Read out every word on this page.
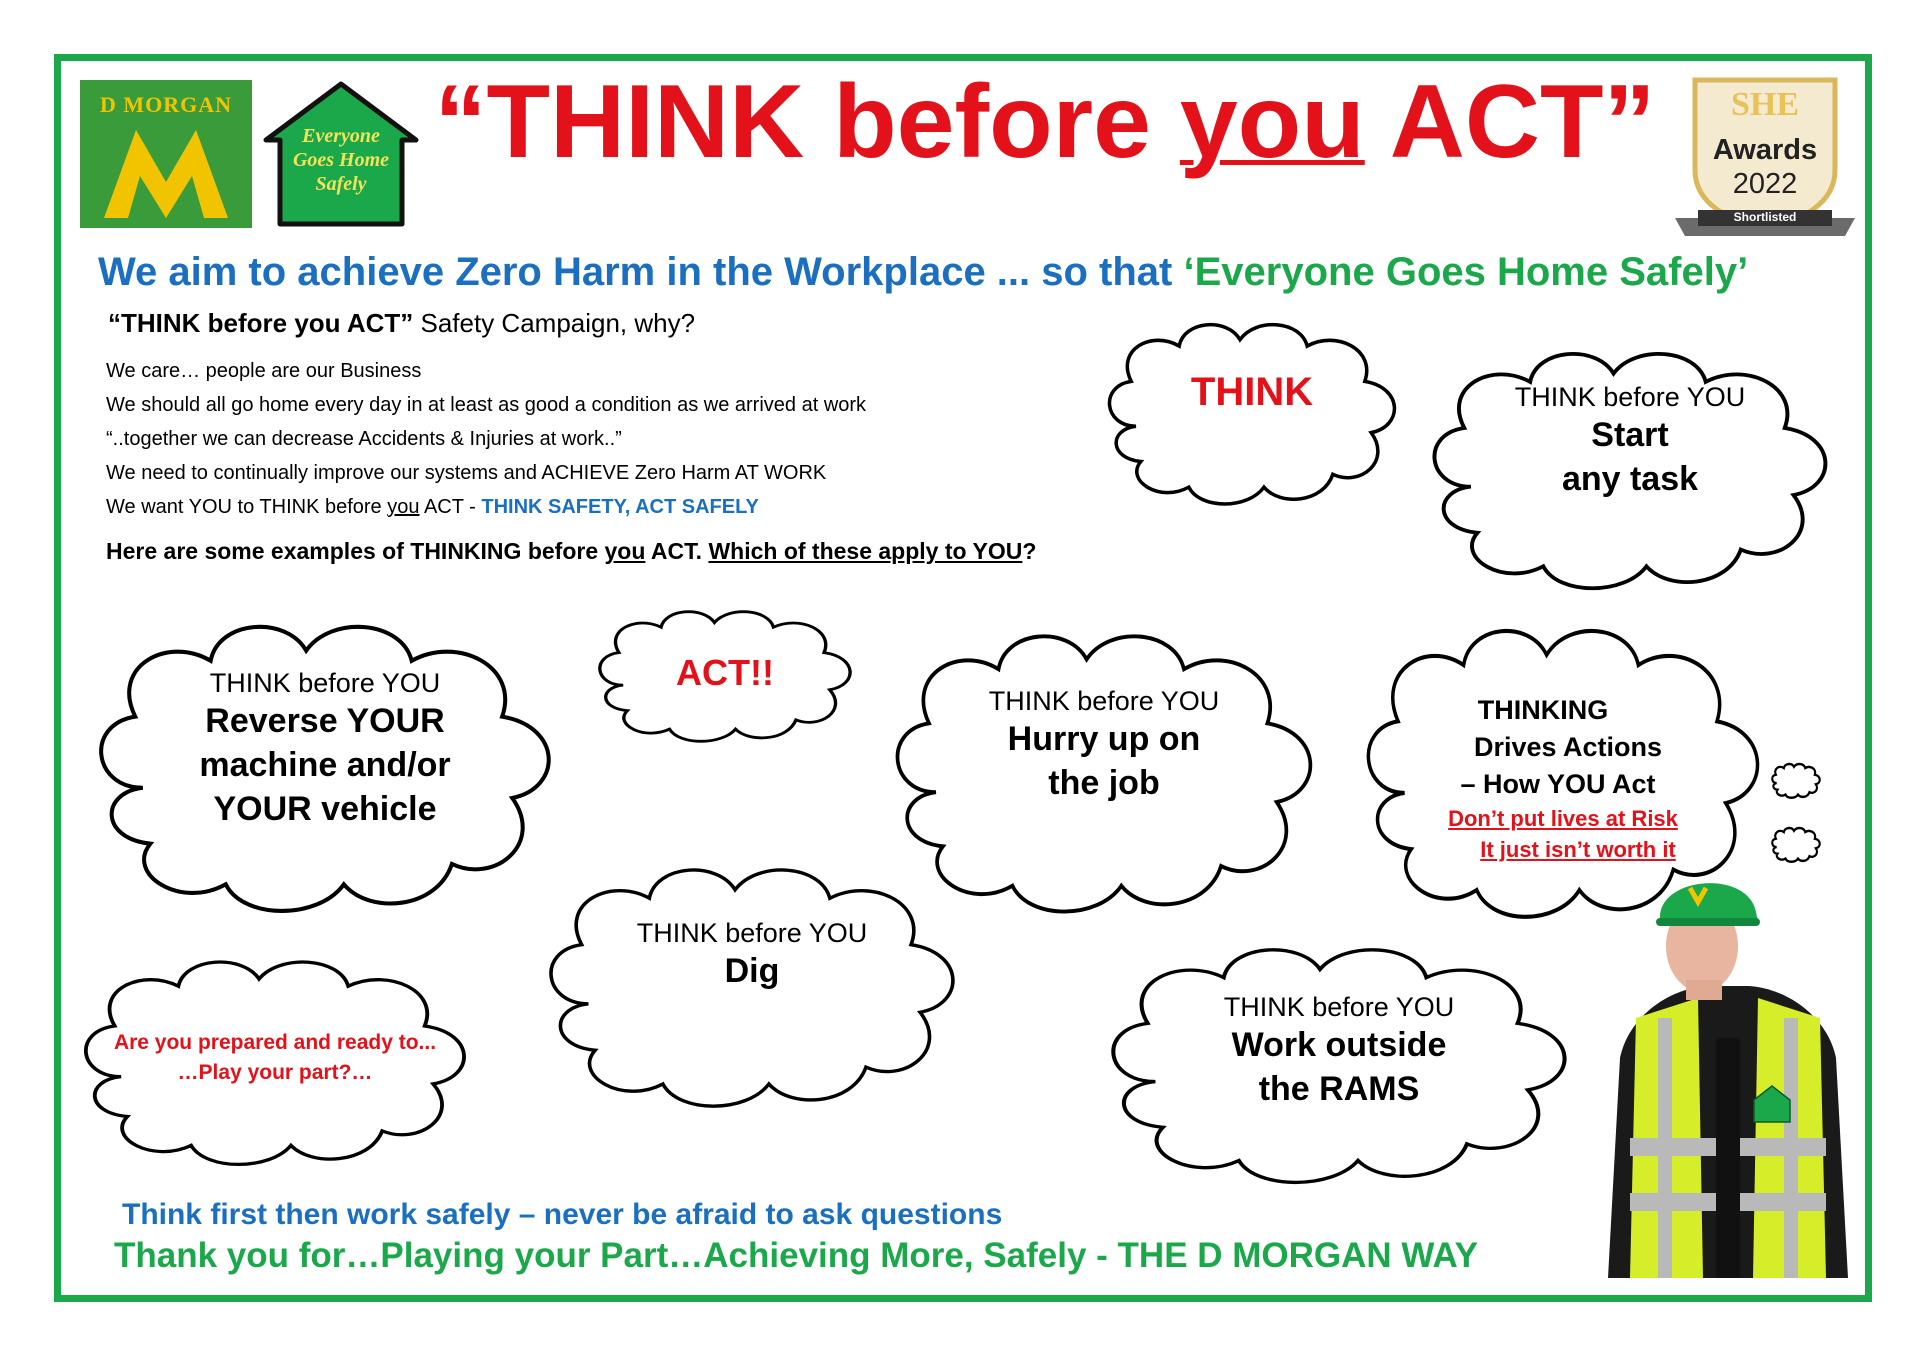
D MORGAN
Everyone
Goes Home
Safely
“THINK before you ACT”	SHE
Awards
2022
Shortlisted
We aim to achieve Zero Harm in the Workplace ... so that ‘Everyone Goes Home Safely’
“THINK before you ACT” Safety Campaign, why?
We care… people are our Business
We should all go home every day in at least as good a condition as we arrived at work
“..together we can decrease Accidents & Injuries at work..”
We need to continually improve our systems and ACHIEVE Zero Harm AT WORK
We want YOU to THINK before you ACT - THINK SAFETY, ACT SAFELY
Here are some examples of THINKING before you ACT. Which of these apply to YOU?
THINK	THINK before YOU
Start
any task
ACT!!
THINK before YOU
Reverse YOUR
machine and/or
YOUR vehicle
THINK before YOU
Hurry up on
the job
THINKING
Drives Actions
– How YOU Act
Don’t put lives at Risk
It just isn’t worth it
THINK before YOU
Dig
Are you prepared and ready to...
…Play your part?…
THINK before YOU
Work outside
the RAMS
Think first then work safely – never be afraid to ask questions
Thank you for…Playing your Part…Achieving More, Safely - THE D MORGAN WAY
